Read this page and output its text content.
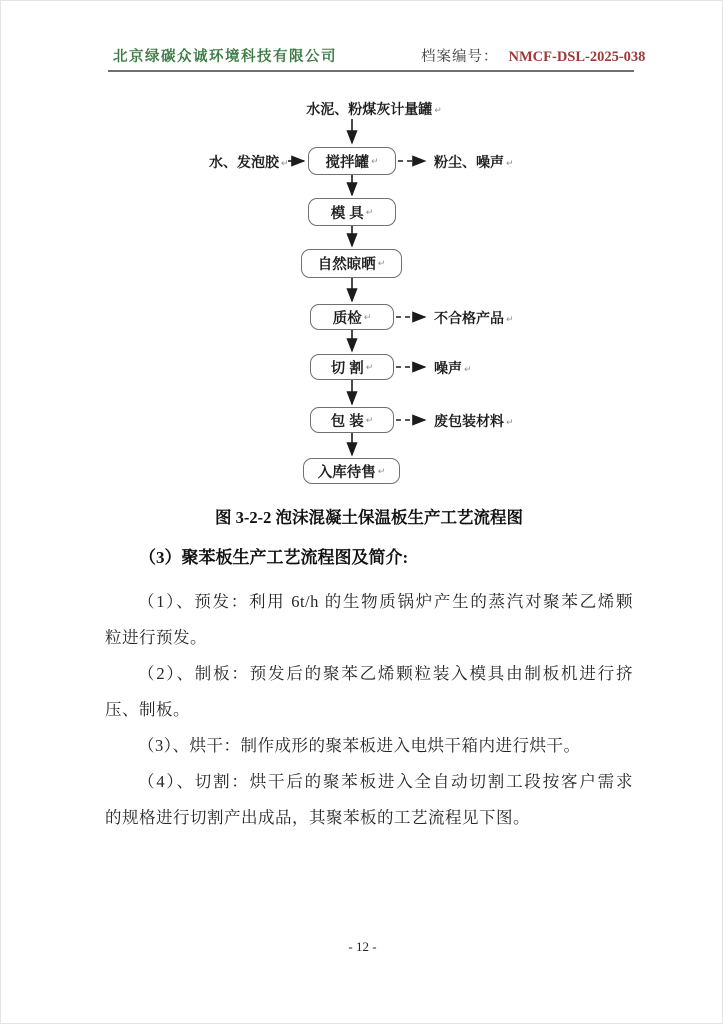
北京绿碳众诚环境科技有限公司	档案编号： NMCF-DSL-2025-038
水泥、粉煤灰计量罐 ↵
水、发泡胶 ↵	搅拌罐 ↵
模 具 ↵
自然晾晒 ↵
质检 ↵
切 割 ↵
包 装 ↵
入库待售 ↵
粉尘、噪声 ↵
不合格产品 ↵
噪声 ↵
废包装材料 ↵
图 3-2-2 泡沫混凝土保温板生产工艺流程图
（3）聚苯板生产工艺流程图及简介:
（1）、预发：利用 6t/h 的生物质锅炉产生的蒸汽对聚苯乙烯颗
粒进行预发。
（2）、制板：预发后的聚苯乙烯颗粒装入模具由制板机进行挤
压、制板。
（3）、烘干：制作成形的聚苯板进入电烘干箱内进行烘干。
（4）、切割：烘干后的聚苯板进入全自动切割工段按客户需求
的规格进行切割产出成品，其聚苯板的工艺流程见下图。
- 12 -
